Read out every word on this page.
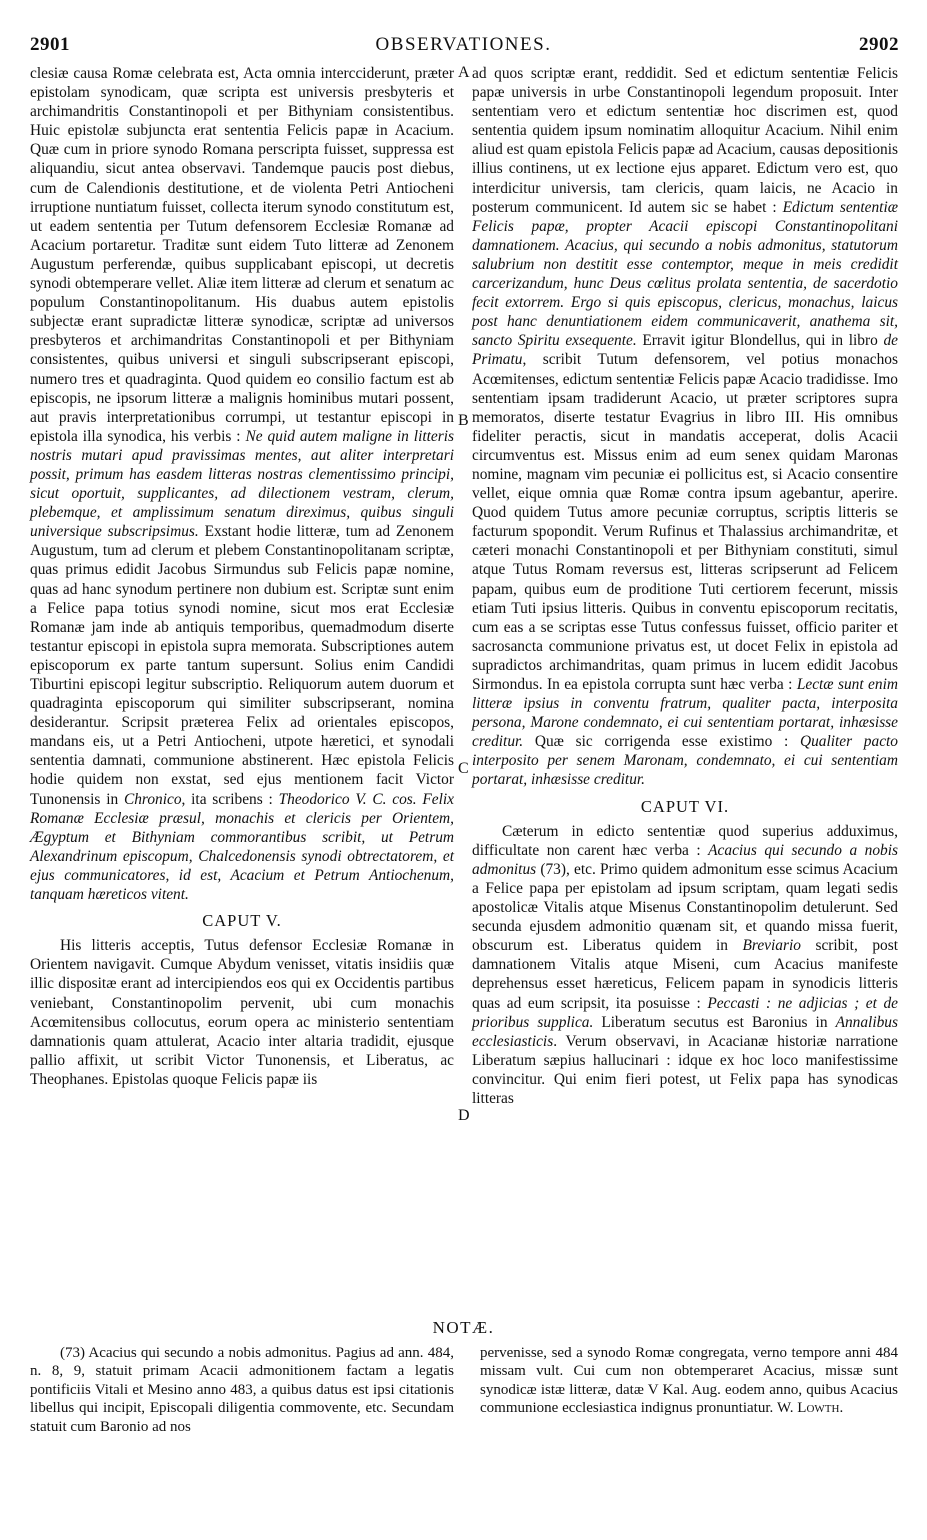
2901	OBSERVATIONES.	2902
A
B
C
D

clesiæ causa Romæ celebrata est, Acta omnia intercciderunt, præter epistolam synodicam, quæ scripta est universis presbyteris et archimandritis Constantinopoli et per Bithyniam consistentibus. Huic epistolæ subjuncta erat sententia Felicis papæ in Acacium. Quæ cum in priore synodo Romana perscripta fuisset, suppressa est aliquandiu, sicut antea observavi. Tandemque paucis post diebus, cum de Calendionis destitutione, et de violenta Petri Antiocheni irruptione nuntiatum fuisset, collecta iterum synodo constitutum est, ut eadem sententia per Tutum defensorem Ecclesiæ Romanæ ad Acacium portaretur. Traditæ sunt eidem Tuto litteræ ad Zenonem Augustum perferendæ, quibus supplicabant episcopi, ut decretis synodi obtemperare vellet. Aliæ item litteræ ad clerum et senatum ac populum Constantinopolitanum. His duabus autem epistolis subjectæ erant supradictæ litteræ synodicæ, scriptæ ad universos presbyteros et archimandritas Constantinopoli et per Bithyniam consistentes, quibus universi et singuli subscripserant episcopi, numero tres et quadraginta. Quod quidem eo consilio factum est ab episcopis, ne ipsorum litteræ a malignis hominibus mutari possent, aut pravis interpretationibus corrumpi, ut testantur episcopi in epistola illa synodica, his verbis : Ne quid autem maligne in litteris nostris mutari apud pravissimas mentes, aut aliter interpretari possit, primum has easdem litteras nostras clementissimo principi, sicut oportuit, supplicantes, ad dilectionem vestram, clerum, plebemque, et amplissimum senatum direximus, quibus singuli universique subscripsimus. Exstant hodie litteræ, tum ad Zenonem Augustum, tum ad clerum et plebem Constantinopolitanam scriptæ, quas primus edidit Jacobus Sirmundus sub Felicis papæ nomine, quas ad hanc synodum pertinere non dubium est. Scriptæ sunt enim a Felice papa totius synodi nomine, sicut mos erat Ecclesiæ Romanæ jam inde ab antiquis temporibus, quemadmodum diserte testantur episcopi in epistola supra memorata. Subscriptiones autem episcoporum ex parte tantum supersunt. Solius enim Candidi Tiburtini episcopi legitur subscriptio. Reliquorum autem duorum et quadraginta episcoporum qui similiter subscripserant, nomina desiderantur. Scripsit præterea Felix ad orientales episcopos, mandans eis, ut a Petri Antiocheni, utpote hæretici, et synodali sententia damnati, communione abstinerent. Hæc epistola Felicis hodie quidem non exstat, sed ejus mentionem facit Victor Tunonensis in Chronico, ita scribens : Theodorico V. C. cos. Felix Romanæ Ecclesiæ præsul, monachis et clericis per Orientem, Ægyptum et Bithyniam commorantibus scribit, ut Petrum Alexandrinum episcopum, Chalcedonensis synodi obtrectatorem, et ejus communicatores, id est, Acacium et Petrum Antiochenum, tanquam hæreticos vitent.

CAPUT V.

His litteris acceptis, Tutus defensor Ecclesiæ Romanæ in Orientem navigavit. Cumque Abydum venisset, vitatis insidiis quæ illic dispositæ erant ad intercipiendos eos qui ex Occidentis partibus veniebant, Constantinopolim pervenit, ubi cum monachis Acœmitensibus collocutus, eorum opera ac ministerio sententiam damnationis quam attulerat, Acacio inter altaria tradidit, ejusque pallio affixit, ut scribit Victor Tunonensis, et Liberatus, ac Theophanes. Epistolas quoque Felicis papæ iis

ad quos scriptæ erant, reddidit. Sed et edictum sententiæ Felicis papæ universis in urbe Constantinopoli legendum proposuit. Inter sententiam vero et edictum sententiæ hoc discrimen est, quod sententia quidem ipsum nominatim alloquitur Acacium. Nihil enim aliud est quam epistola Felicis papæ ad Acacium, causas depositionis illius continens, ut ex lectione ejus apparet. Edictum vero est, quo interdicitur universis, tam clericis, quam laicis, ne Acacio in posterum communicent. Id autem sic se habet : Edictum sententiæ Felicis papæ, propter Acacii episcopi Constantinopolitani damnationem. Acacius, qui secundo a nobis admonitus, statutorum salubrium non destitit esse contemptor, meque in meis credidit carcerizandum, hunc Deus cœlitus prolata sententia, de sacerdotio fecit extorrem. Ergo si quis episcopus, clericus, monachus, laicus post hanc denuntiationem eidem communicaverit, anathema sit, sancto Spiritu exsequente. Erravit igitur Blondellus, qui in libro de Primatu, scribit Tutum defensorem, vel potius monachos Acœmitenses, edictum sententiæ Felicis papæ Acacio tradidisse. Imo sententiam ipsam tradiderunt Acacio, ut præter scriptores supra memoratos, diserte testatur Evagrius in libro III. His omnibus fideliter peractis, sicut in mandatis acceperat, dolis Acacii circumventus est. Missus enim ad eum senex quidam Maronas nomine, magnam vim pecuniæ ei pollicitus est, si Acacio consentire vellet, eique omnia quæ Romæ contra ipsum agebantur, aperire. Quod quidem Tutus amore pecuniæ corruptus, scriptis litteris se facturum spopondit. Verum Rufinus et Thalassius archimandritæ, et cæteri monachi Constantinopoli et per Bithyniam constituti, simul atque Tutus Romam reversus est, litteras scripserunt ad Felicem papam, quibus eum de proditione Tuti certiorem fecerunt, missis etiam Tuti ipsius litteris. Quibus in conventu episcoporum recitatis, cum eas a se scriptas esse Tutus confessus fuisset, officio pariter et sacrosancta communione privatus est, ut docet Felix in epistola ad supradictos archimandritas, quam primus in lucem edidit Jacobus Sirmondus. In ea epistola corrupta sunt hæc verba : Lectæ sunt enim litteræ ipsius in conventu fratrum, qualiter pacta, interposita persona, Marone condemnato, ei cui sententiam portarat, inhæsisse creditur. Quæ sic corrigenda esse existimo : Qualiter pacto interposito per senem Maronam, condemnato, ei cui sententiam portarat, inhæsisse creditur.

CAPUT VI.

Cæterum in edicto sententiæ quod superius adduximus, difficultate non carent hæc verba : Acacius qui secundo a nobis admonitus (73), etc. Primo quidem admonitum esse scimus Acacium a Felice papa per epistolam ad ipsum scriptam, quam legati sedis apostolicæ Vitalis atque Misenus Constantinopolim detulerunt. Sed secunda ejusdem admonitio quænam sit, et quando missa fuerit, obscurum est. Liberatus quidem in Breviario scribit, post damnationem Vitalis atque Miseni, cum Acacius manifeste deprehensus esset hæreticus, Felicem papam in synodicis litteris quas ad eum scripsit, ita posuisse : Peccasti : ne adjicias ; et de prioribus supplica. Liberatum secutus est Baronius in Annalibus ecclesiasticis. Verum observavi, in Acacianæ historiæ narratione Liberatum sæpius hallucinari : idque ex hoc loco manifestissime convincitur. Qui enim fieri potest, ut Felix papa has synodicas litteras

NOTÆ.

(73) Acacius qui secundo a nobis admonitus. Pagius ad ann. 484, n. 8, 9, statuit primam Acacii admonitionem factam a legatis pontificiis Vitali et Mesino anno 483, a quibus datus est ipsi citationis libellus qui incipit, Episcopali diligentia commovente, etc. Secundam statuit cum Baronio ad nos

pervenisse, sed a synodo Romæ congregata, verno tempore anni 484 missam vult. Cui cum non obtemperaret Acacius, missæ sunt synodicæ istæ litteræ, datæ V Kal. Aug. eodem anno, quibus Acacius communione ecclesiastica indignus pronuntiatur. W. Lowth.
